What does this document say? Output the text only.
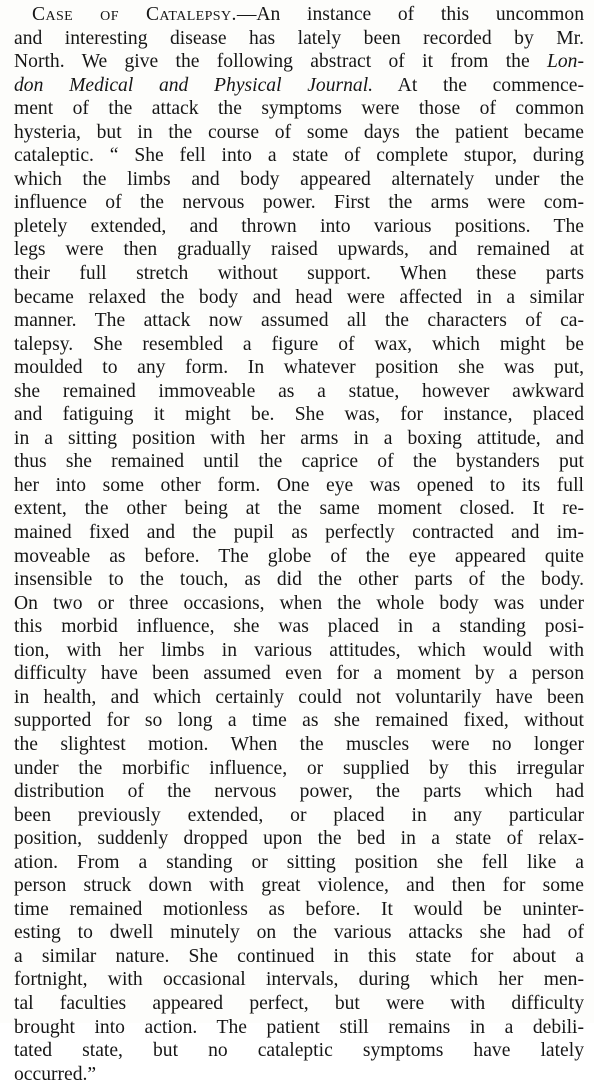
Case of Catalepsy.—An instance of this uncommon
and interesting disease has lately been recorded by Mr.
North. We give the following abstract of it from the Lon-
don Medical and Physical Journal. At the commence-
ment of the attack the symptoms were those of common
hysteria, but in the course of some days the patient became
cataleptic. “ She fell into a state of complete stupor, during
which the limbs and body appeared alternately under the
influence of the nervous power. First the arms were com-
pletely extended, and thrown into various positions. The
legs were then gradually raised upwards, and remained at
their full stretch without support. When these parts
became relaxed the body and head were affected in a similar
manner. The attack now assumed all the characters of ca-
talepsy. She resembled a figure of wax, which might be
moulded to any form. In whatever position she was put,
she remained immoveable as a statue, however awkward
and fatiguing it might be. She was, for instance, placed
in a sitting position with her arms in a boxing attitude, and
thus she remained until the caprice of the bystanders put
her into some other form. One eye was opened to its full
extent, the other being at the same moment closed. It re-
mained fixed and the pupil as perfectly contracted and im-
moveable as before. The globe of the eye appeared quite
insensible to the touch, as did the other parts of the body.
On two or three occasions, when the whole body was under
this morbid influence, she was placed in a standing posi-
tion, with her limbs in various attitudes, which would with
difficulty have been assumed even for a moment by a person
in health, and which certainly could not voluntarily have been
supported for so long a time as she remained fixed, without
the slightest motion. When the muscles were no longer
under the morbific influence, or supplied by this irregular
distribution of the nervous power, the parts which had
been previously extended, or placed in any particular
position, suddenly dropped upon the bed in a state of relax-
ation. From a standing or sitting position she fell like a
person struck down with great violence, and then for some
time remained motionless as before. It would be uninter-
esting to dwell minutely on the various attacks she had of
a similar nature. She continued in this state for about a
fortnight, with occasional intervals, during which her men-
tal faculties appeared perfect, but were with difficulty
brought into action. The patient still remains in a debili-
tated state, but no cataleptic symptoms have lately
occurred.”
